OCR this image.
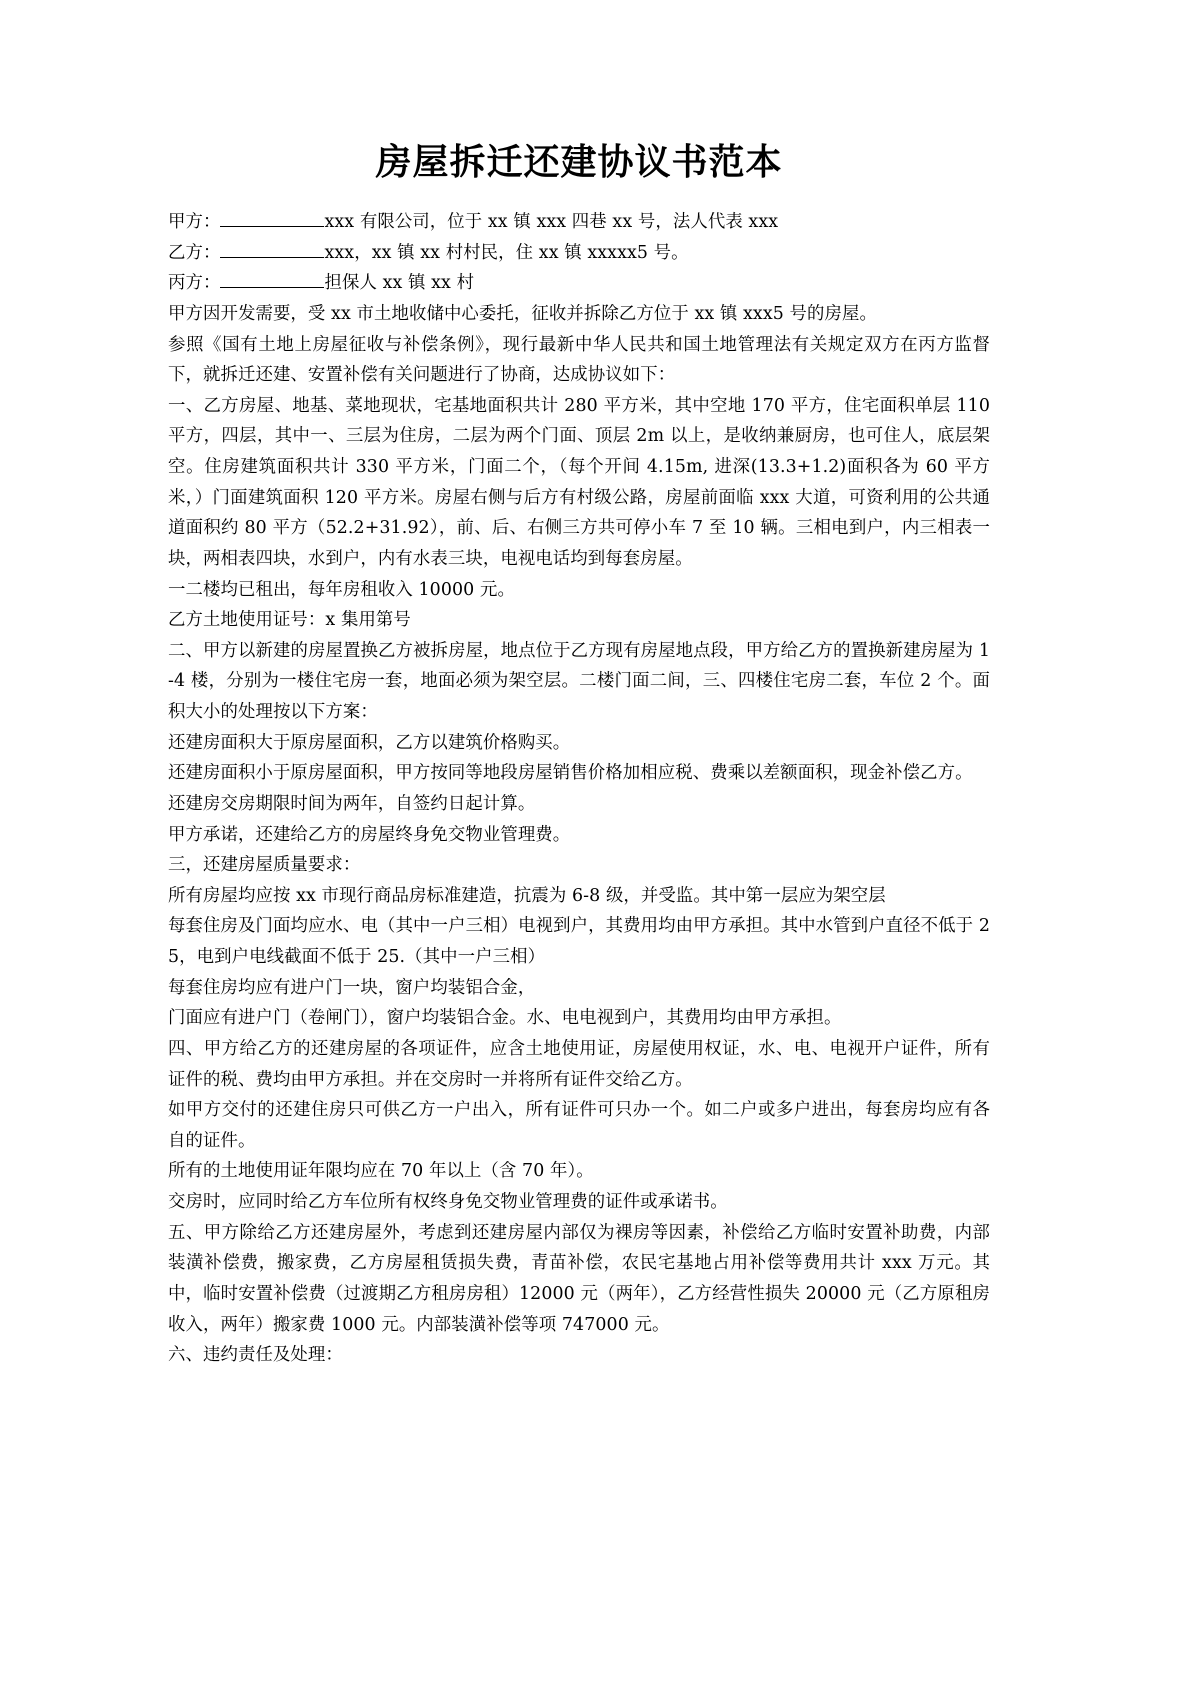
房屋拆迁还建协议书范本

甲方：	xxx 有限公司，位于 xx 镇 xxx 四巷 xx 号，法人代表 xxx

乙方：	xxx，xx 镇 xx 村村民，住 xx 镇 xxxxx5 号。

丙方：	担保人 xx 镇 xx 村

甲方因开发需要，受 xx 市土地收储中心委托，征收并拆除乙方位于 xx 镇 xxx5 号的房屋。

参照《国有土地上房屋征收与补偿条例》，现行最新中华人民共和国土地管理法有关规定双方在丙方监督下，就拆迁还建、安置补偿有关问题进行了协商，达成协议如下：

一、乙方房屋、地基、菜地现状，宅基地面积共计 280 平方米，其中空地 170 平方，住宅面积单层 110 平方，四层，其中一、三层为住房，二层为两个门面、顶层 2m 以上，是收纳兼厨房，也可住人，底层架空。住房建筑面积共计 330 平方米，门面二个，（每个开间 4.15m, 进深(13.3+1.2)面积各为 60 平方米，）门面建筑面积 120 平方米。房屋右侧与后方有村级公路，房屋前面临 xxx 大道，可资利用的公共通道面积约 80 平方（52.2+31.92），前、后、右侧三方共可停小车 7 至 10 辆。三相电到户，内三相表一块，两相表四块，水到户，内有水表三块，电视电话均到每套房屋。

一二楼均已租出，每年房租收入 10000 元。

乙方土地使用证号：x 集用第号

二、甲方以新建的房屋置换乙方被拆房屋，地点位于乙方现有房屋地点段，甲方给乙方的置换新建房屋为 1-4 楼，分别为一楼住宅房一套，地面必须为架空层。二楼门面二间，三、四楼住宅房二套，车位 2 个。面积大小的处理按以下方案：

还建房面积大于原房屋面积，乙方以建筑价格购买。

还建房面积小于原房屋面积，甲方按同等地段房屋销售价格加相应税、费乘以差额面积，现金补偿乙方。

还建房交房期限时间为两年，自签约日起计算。

甲方承诺，还建给乙方的房屋终身免交物业管理费。

三，还建房屋质量要求：

所有房屋均应按 xx 市现行商品房标准建造，抗震为 6-8 级，并受监。其中第一层应为架空层

每套住房及门面均应水、电（其中一户三相）电视到户，其费用均由甲方承担。其中水管到户直径不低于 25，电到户电线截面不低于 25.（其中一户三相）

每套住房均应有进户门一块，窗户均装铝合金，

门面应有进户门（卷闸门），窗户均装铝合金。水、电电视到户，其费用均由甲方承担。

四、甲方给乙方的还建房屋的各项证件，应含土地使用证，房屋使用权证，水、电、电视开户证件，所有证件的税、费均由甲方承担。并在交房时一并将所有证件交给乙方。

如甲方交付的还建住房只可供乙方一户出入，所有证件可只办一个。如二户或多户进出，每套房均应有各自的证件。

所有的土地使用证年限均应在 70 年以上（含 70 年）。

交房时，应同时给乙方车位所有权终身免交物业管理费的证件或承诺书。

五、甲方除给乙方还建房屋外，考虑到还建房屋内部仅为裸房等因素，补偿给乙方临时安置补助费，内部装潢补偿费，搬家费，乙方房屋租赁损失费，青苗补偿，农民宅基地占用补偿等费用共计 xxx 万元。其中，临时安置补偿费（过渡期乙方租房房租）12000 元（两年），乙方经营性损失 20000 元（乙方原租房收入，两年）搬家费 1000 元。内部装潢补偿等项 747000 元。

六、违约责任及处理：
